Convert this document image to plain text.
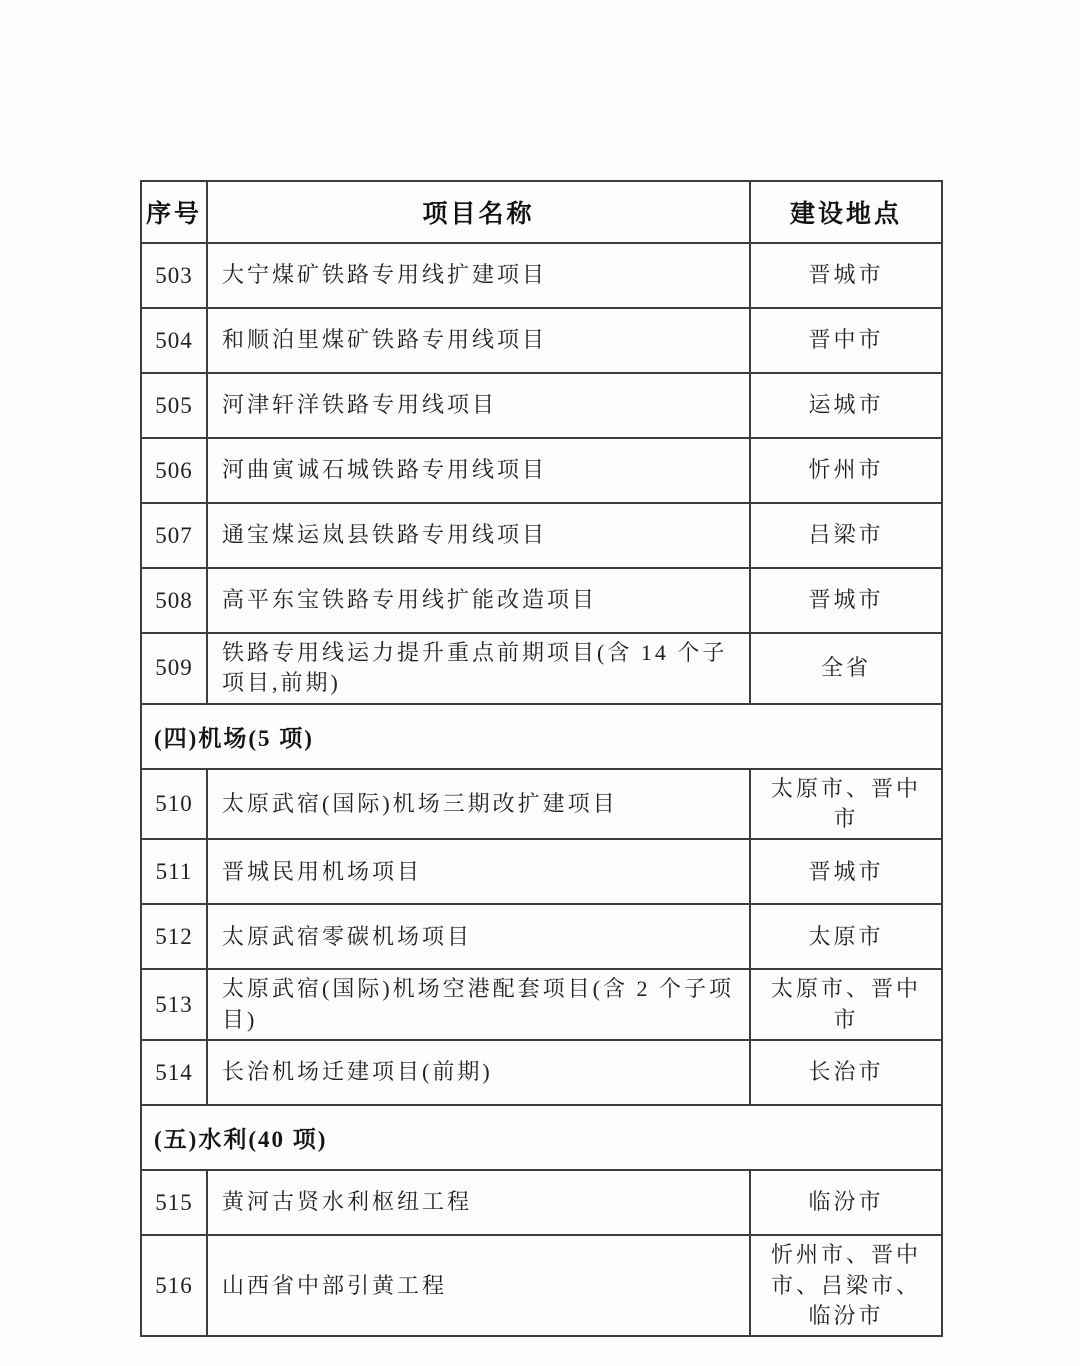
序号	项目名称	建设地点
503	大宁煤矿铁路专用线扩建项目	晋城市
504	和顺泊里煤矿铁路专用线项目	晋中市
505	河津轩洋铁路专用线项目	运城市
506	河曲寅诚石城铁路专用线项目	忻州市
507	通宝煤运岚县铁路专用线项目	吕梁市
508	高平东宝铁路专用线扩能改造项目	晋城市
509	铁路专用线运力提升重点前期项目(含 14 个子项目,前期)	全省
(四)机场(5 项)		
510	太原武宿(国际)机场三期改扩建项目	太原市、晋中市
511	晋城民用机场项目	晋城市
512	太原武宿零碳机场项目	太原市
513	太原武宿(国际)机场空港配套项目(含 2 个子项目)	太原市、晋中市
514	长治机场迁建项目(前期)	长治市
(五)水利(40 项)		
515	黄河古贤水利枢纽工程	临汾市
516	山西省中部引黄工程	忻州市、晋中市、吕梁市、临汾市
